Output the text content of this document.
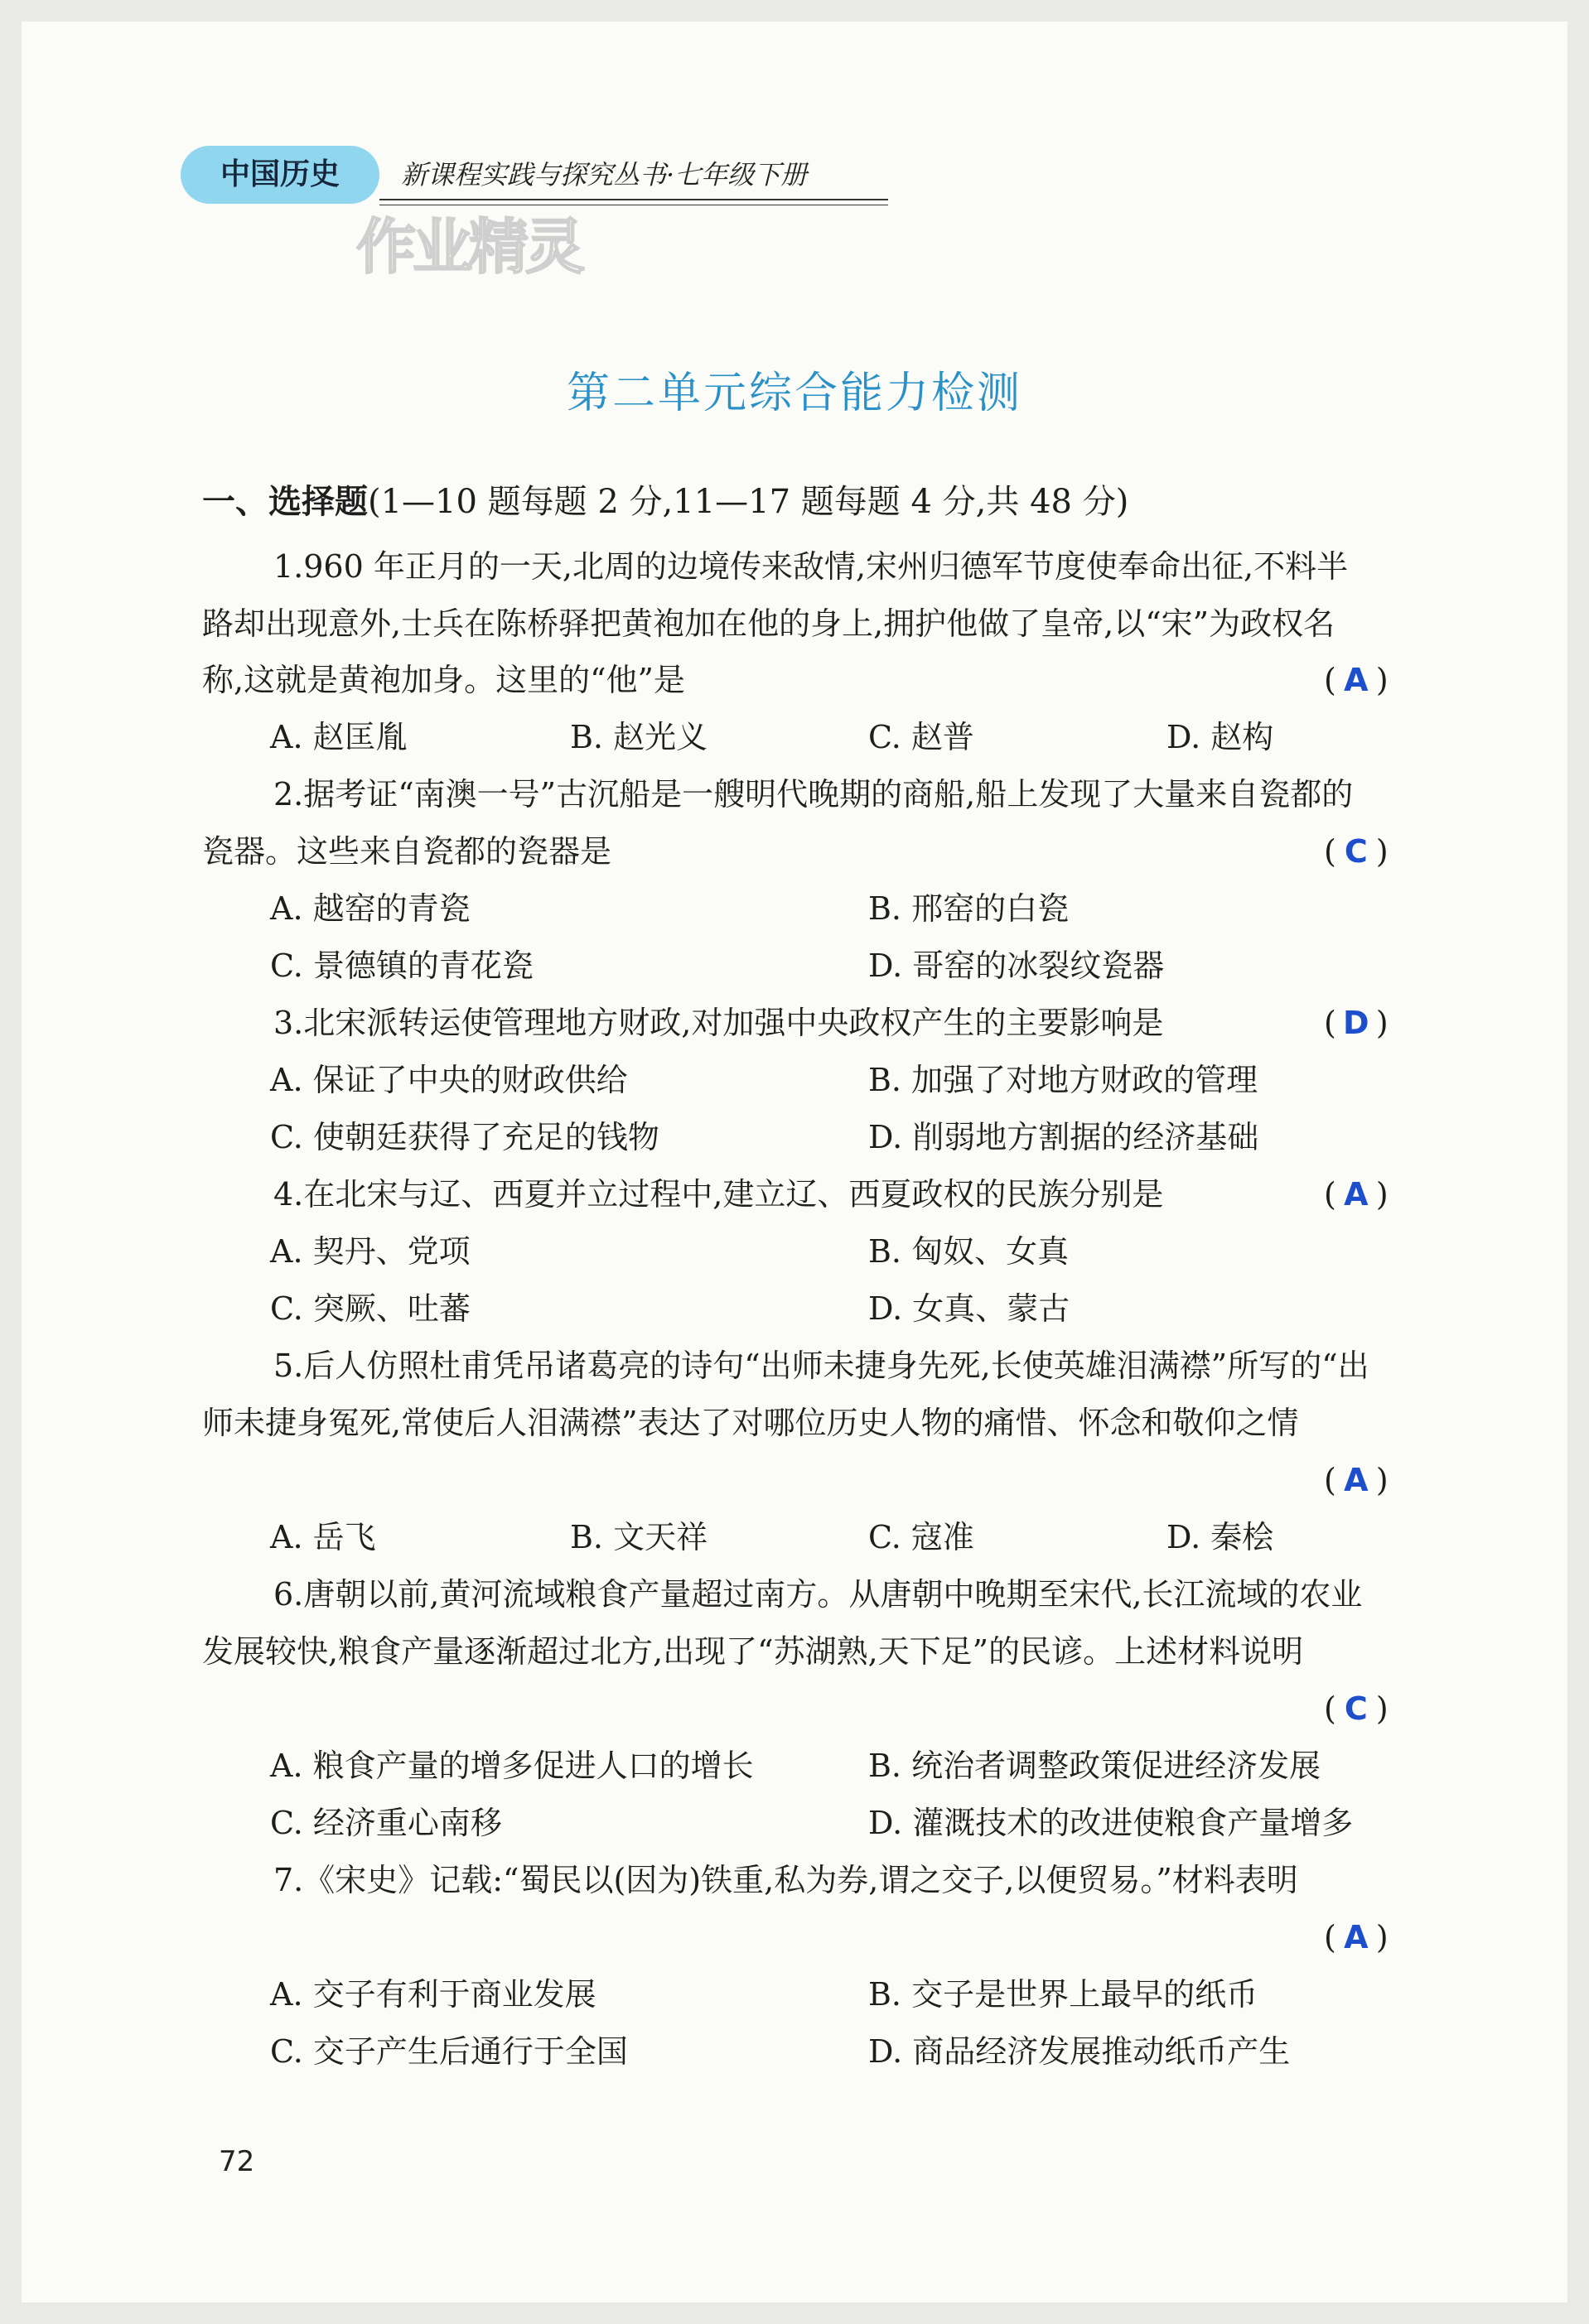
中国历史	新课程实践与探究丛书·七年级下册
作业精灵
第二单元综合能力检测
一、选择题(1—10 题每题 2 分,11—17 题每题 4 分,共 48 分)
1.960 年正月的一天,北周的边境传来敌情,宋州归德军节度使奉命出征,不料半
路却出现意外,士兵在陈桥驿把黄袍加在他的身上,拥护他做了皇帝,以“宋”为政权名
称,这就是黄袍加身。这里的“他”是	( A )
A. 赵匡胤	B. 赵光义	C. 赵普	D. 赵构
2.据考证“南澳一号”古沉船是一艘明代晚期的商船,船上发现了大量来自瓷都的
瓷器。这些来自瓷都的瓷器是	( C )
A. 越窑的青瓷	B. 邢窑的白瓷
C. 景德镇的青花瓷	D. 哥窑的冰裂纹瓷器
3.北宋派转运使管理地方财政,对加强中央政权产生的主要影响是	( D )
A. 保证了中央的财政供给	B. 加强了对地方财政的管理
C. 使朝廷获得了充足的钱物	D. 削弱地方割据的经济基础
4.在北宋与辽、西夏并立过程中,建立辽、西夏政权的民族分别是	( A )
A. 契丹、党项	B. 匈奴、女真
C. 突厥、吐蕃	D. 女真、蒙古
5.后人仿照杜甫凭吊诸葛亮的诗句“出师未捷身先死,长使英雄泪满襟”所写的“出
师未捷身冤死,常使后人泪满襟”表达了对哪位历史人物的痛惜、怀念和敬仰之情
( A )
A. 岳飞	B. 文天祥	C. 寇准	D. 秦桧
6.唐朝以前,黄河流域粮食产量超过南方。从唐朝中晚期至宋代,长江流域的农业
发展较快,粮食产量逐渐超过北方,出现了“苏湖熟,天下足”的民谚。上述材料说明
( C )
A. 粮食产量的增多促进人口的增长	B. 统治者调整政策促进经济发展
C. 经济重心南移	D. 灌溉技术的改进使粮食产量增多
7.《宋史》记载:“蜀民以(因为)铁重,私为券,谓之交子,以便贸易。”材料表明
( A )
A. 交子有利于商业发展	B. 交子是世界上最早的纸币
C. 交子产生后通行于全国	D. 商品经济发展推动纸币产生
72
